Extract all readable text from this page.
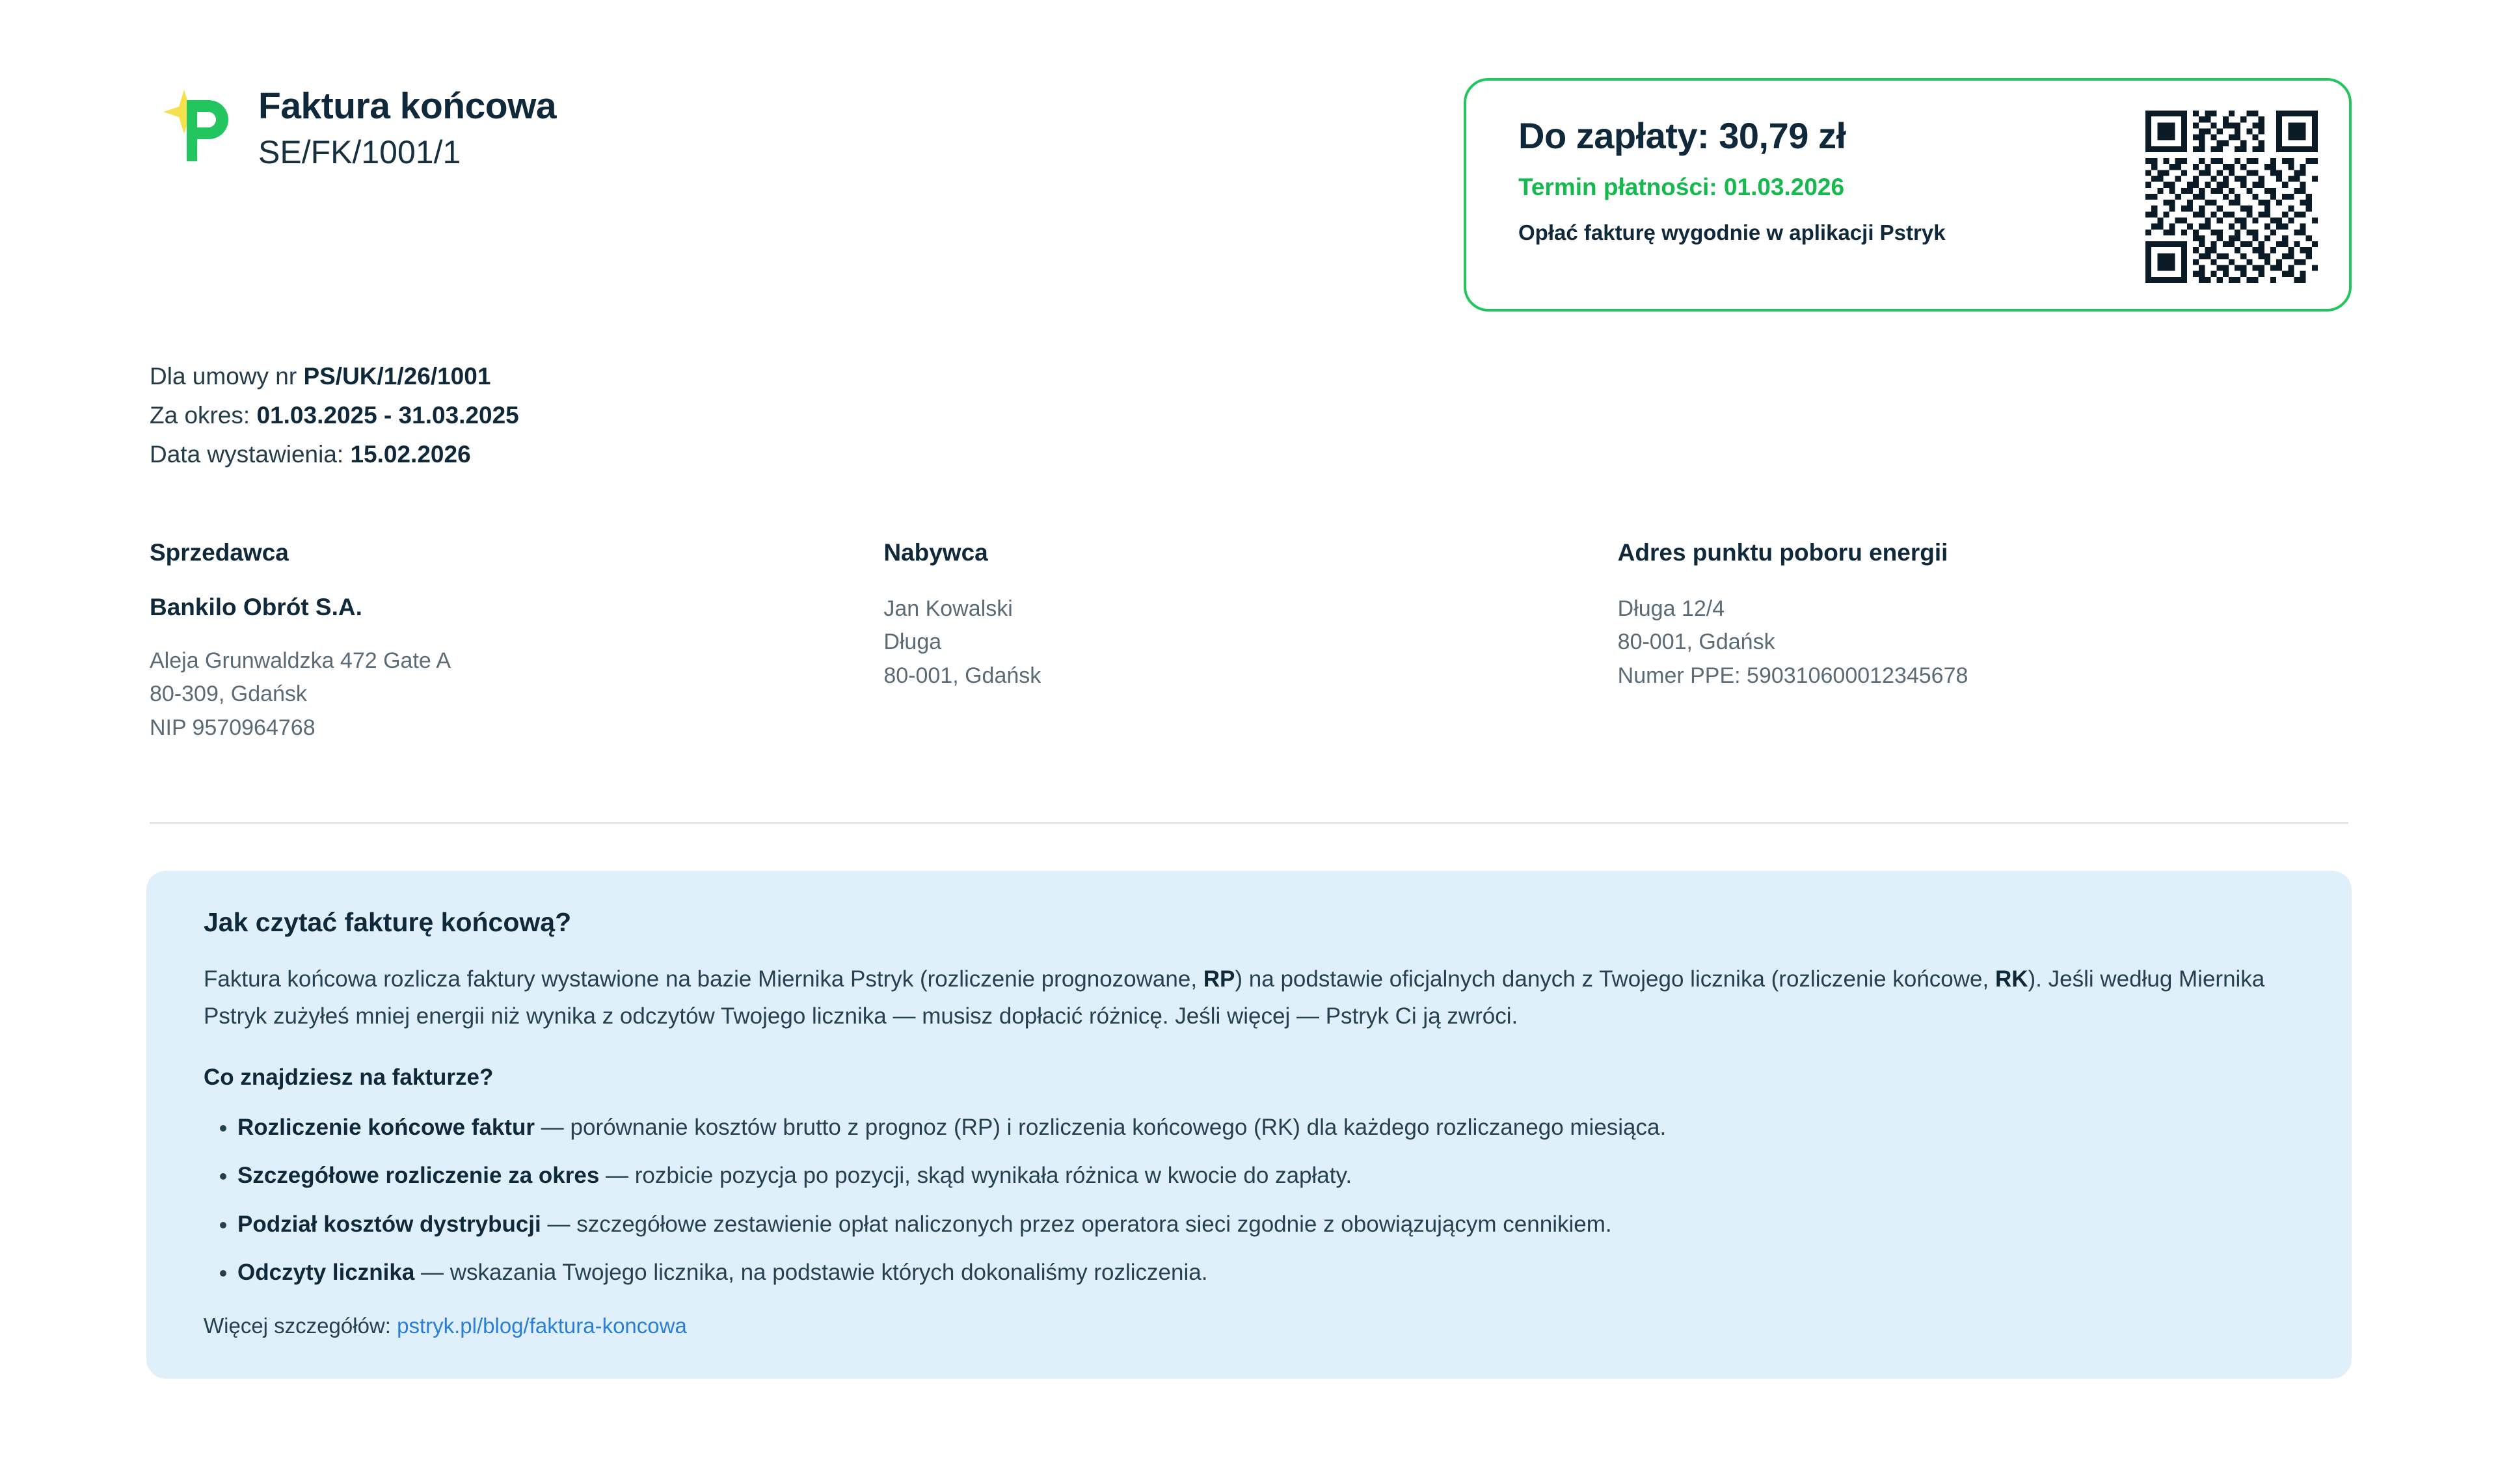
Faktura końcowa
SE/FK/1001/1	Do zapłaty: 30,79 zł
Termin płatności: 01.03.2026
Opłać fakturę wygodnie w aplikacji Pstryk
Dla umowy nr PS/UK/1/26/1001
Za okres: 01.03.2025 - 31.03.2025
Data wystawienia: 15.02.2026
Sprzedawca
Bankilo Obrót S.A.
Aleja Grunwaldzka 472 Gate A
80-309, Gdańsk
NIP 9570964768
Nabywca
Jan Kowalski
Długa
80-001, Gdańsk
Adres punktu poboru energii
Długa 12/4
80-001, Gdańsk
Numer PPE: 590310600012345678
Jak czytać fakturę końcową?
Faktura końcowa rozlicza faktury wystawione na bazie Miernika Pstryk (rozliczenie prognozowane, RP) na podstawie oficjalnych danych z Twojego licznika (rozliczenie końcowe, RK). Jeśli według Miernika Pstryk zużyłeś mniej energii niż wynika z odczytów Twojego licznika — musisz dopłacić różnicę. Jeśli więcej — Pstryk Ci ją zwróci.
Co znajdziesz na fakturze?
• Rozliczenie końcowe faktur — porównanie kosztów brutto z prognoz (RP) i rozliczenia końcowego (RK) dla każdego rozliczanego miesiąca.
• Szczegółowe rozliczenie za okres — rozbicie pozycja po pozycji, skąd wynikała różnica w kwocie do zapłaty.
• Podział kosztów dystrybucji — szczegółowe zestawienie opłat naliczonych przez operatora sieci zgodnie z obowiązującym cennikiem.
• Odczyty licznika — wskazania Twojego licznika, na podstawie których dokonaliśmy rozliczenia.
Więcej szczegółów: pstryk.pl/blog/faktura-koncowa
